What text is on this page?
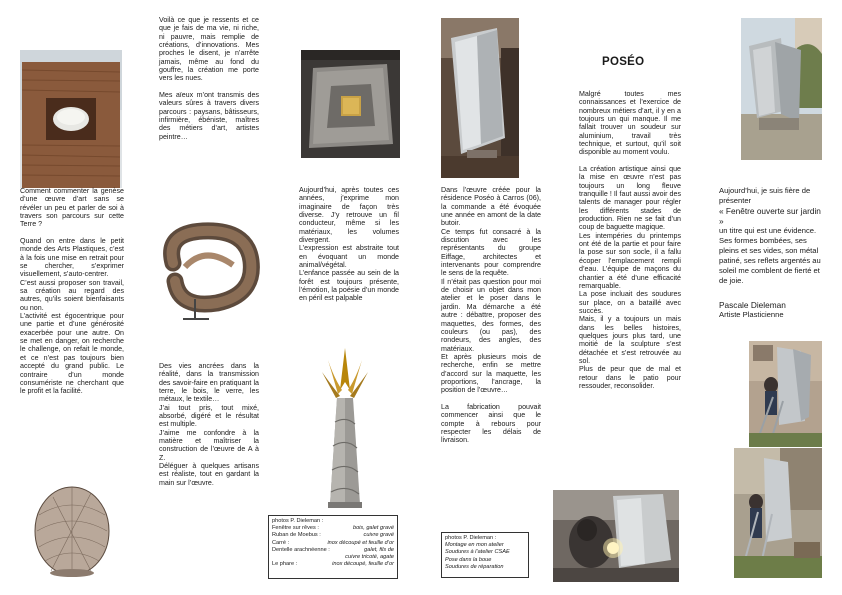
Comment commenter la genèse d’une œuvre d’art sans se révéler un peu et parler de soi à travers son parcours sur cette Terre ?

Quand on entre dans le petit monde des Arts Plastiques, c’est à la fois une mise en retrait pour se chercher, s’exprimer visuellement, s’auto-centrer.

C’est aussi proposer son travail, sa création au regard des autres, qu’ils soient bienfaisants ou non.

L’activité est égocentrique pour une partie et d’une générosité exacerbée pour une autre. On se met en danger, on recherche le challenge, on refait le monde, et ce n’est pas toujours bien accepté du grand public. Le contraire d’un monde consumériste ne cherchant que le profit et la facilité.

Voilà ce que je ressents et ce que je fais de ma vie, ni riche, ni pauvre, mais remplie de créations, d’innovations. Mes proches le disent, je n’arrête jamais, même au fond du gouffre, la création me porte vers les nues.

Mes aïeux m’ont transmis des valeurs sûres à travers divers parcours : paysans, bâtisseurs, infirmière, ébéniste, maîtres des métiers d’art, artistes peintre…

Des vies ancrées dans la réalité, dans la transmission des savoir-faire en pratiquant la terre, le bois, le verre, les métaux, le textile…

J’ai tout pris, tout mixé, absorbé, digéré et le résultat est multiple.

J’aime me confondre à la matière et maîtriser la construction de l’œuvre de A à Z.

Déléguer à quelques artisans est réaliste, tout en gardant la main sur l’œuvre.

Aujourd’hui, après toutes ces années, j’exprime mon imaginaire de façon très diverse. J’y retrouve un fil conducteur, même si les matériaux, les volumes divergent.

L’expression est abstraite tout en évoquant un monde animal/végétal.

L’enfance passée au sein de la forêt est toujours présente, l’émotion, la poésie d’un monde en péril est palpable

photos P. Dieleman :
Fenêtre sur rêves :	bois, galet gravé
Ruban de Moebus :	cuivre gravé
Carré :	inox découpé et feuille d’or
Dentelle arachnéenne :	galet, fils de
cuivre tricoté, agate
Le phare :	inox découpé, feuille d’or

Dans l’œuvre créée pour la résidence Poséo à Carros (06), la commande a été évoquée une année en amont de la date butoir.

Ce temps fut consacré à la discution avec les représentants du groupe Eiffage, architectes et intervenants pour comprendre le sens de la requête.

Il n’était pas question pour moi de choisir un objet dans mon atelier et le poser dans le jardin. Ma démarche a été autre : débattre, proposer des maquettes, des formes, des couleurs (ou pas), des rondeurs, des angles, des matériaux.

Et après plusieurs mois de recherche, enfin se mettre d’accord sur la maquette, les proportions, l’ancrage, la position de l’œuvre…

La fabrication pouvait commencer ainsi que le compte à rebours pour respecter les délais de livraison.

photos P. Dieleman :
Montage en mon atelier
Soudures à l’atelier CSAE
Pose dans la boue
Soudures de réparation
POSÉO

Malgré toutes mes connaissances et l’exercice de nombreux métiers d’art, il y en a toujours un qui manque. Il me fallait trouver un soudeur sur aluminium, travail très technique, et surtout, qu’il soit disponible au moment voulu.

La création artistique ainsi que la mise en œuvre n’est pas toujours un long fleuve tranquille ! Il faut aussi avoir des talents de manager pour régler les différents stades de production. Rien ne se fait d’un coup de baguette magique.

Les intempéries du printemps ont été de la partie et pour faire la pose sur son socle, il a fallu écoper l’emplacement rempli d’eau. L’équipe de maçons du chantier a été d’une efficacité remarquable.

La pose incluait des soudures sur place, on a bataillé avec succès.

Mais, il y a toujours un mais dans les belles histoires, quelques jours plus tard, une moitié de la sculpture s’est détachée et s’est retrouvée au sol.

Plus de peur que de mal et retour dans le patio pour ressouder, reconsolider.

Aujourd’hui, je suis fière de présenter
« Fenêtre ouverte sur jardin »
un titre qui est une évidence. Ses formes bombées, ses pleins et ses vides, son métal patiné, ses reflets argentés au soleil me comblent de fierté et de joie.
Pascale Dieleman
Artiste Plasticienne
